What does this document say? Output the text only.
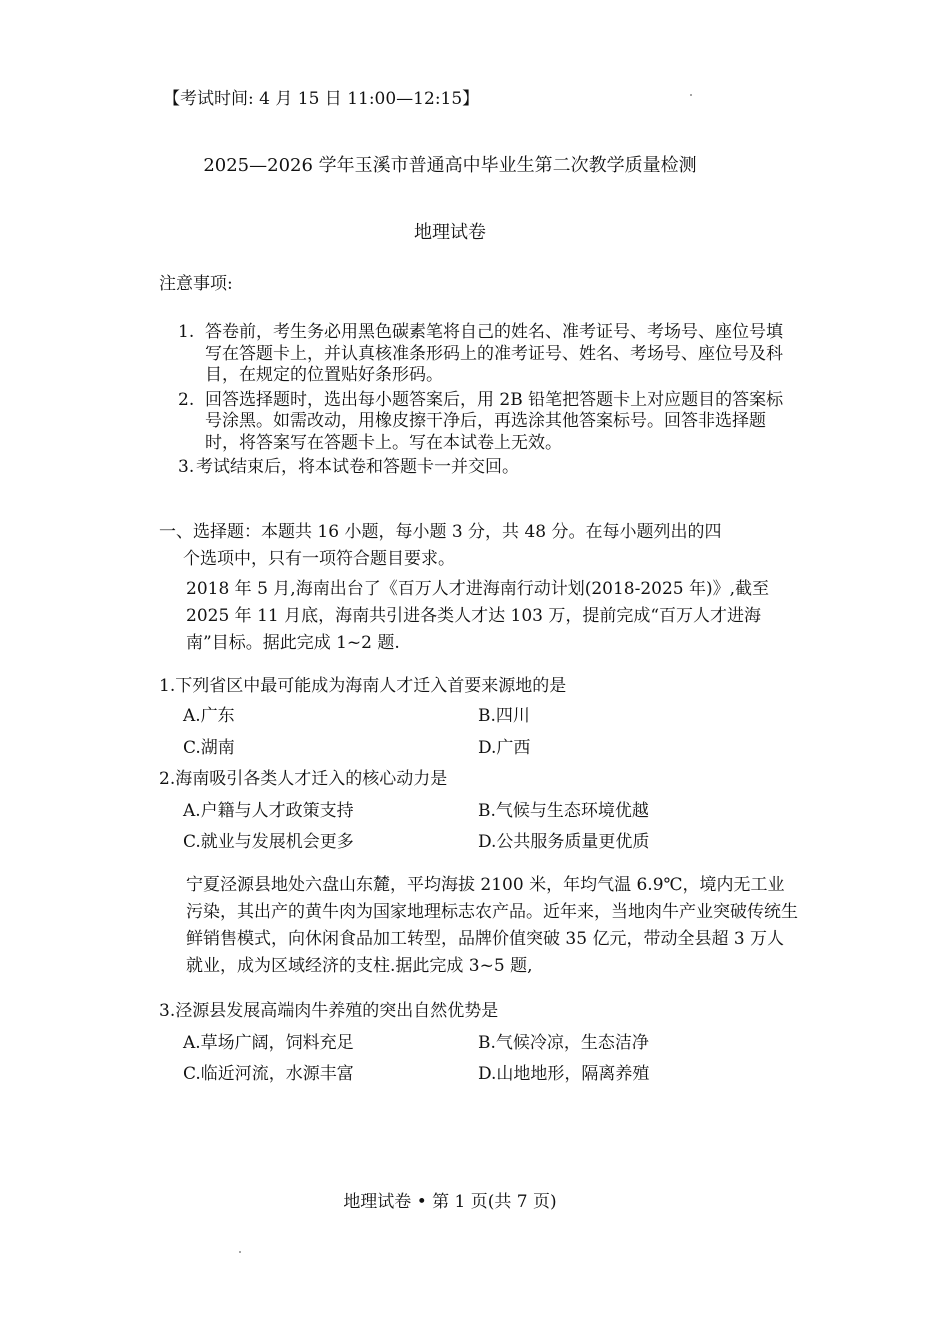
【考试时间: 4 月 15 日 11:00—12:15】
2025—2026 学年玉溪市普通高中毕业生第二次教学质量检测
地理试卷
注意事项:
1. 答卷前，考生务必用黑色碳素笔将自己的姓名、准考证号、考场号、座位号填写在答题卡上，并认真核准条形码上的准考证号、姓名、考场号、座位号及科目，在规定的位置贴好条形码。
2. 回答选择题时，选出每小题答案后，用 2B 铅笔把答题卡上对应题目的答案标号涂黑。如需改动，用橡皮擦干净后，再选涂其他答案标号。回答非选择题时，将答案写在答题卡上。写在本试卷上无效。
3. 考试结束后，将本试卷和答题卡一并交回。
一、选择题：本题共 16 小题，每小题 3 分，共 48 分。在每小题列出的四
个选项中，只有一项符合题目要求。
2018 年 5 月,海南出台了《百万人才进海南行动计划(2018-2025 年)》,截至 2025 年 11 月底，海南共引进各类人才达 103 万，提前完成“百万人才进海南”目标。据此完成 1~2 题.
1.下列省区中最可能成为海南人才迁入首要来源地的是
A.广东	B.四川
C.湖南	D.广西
2.海南吸引各类人才迁入的核心动力是
A.户籍与人才政策支持	B.气候与生态环境优越
C.就业与发展机会更多	D.公共服务质量更优质
宁夏泾源县地处六盘山东麓，平均海拔 2100 米，年均气温 6.9℃，境内无工业污染，其出产的黄牛肉为国家地理标志农产品。近年来，当地肉牛产业突破传统生鲜销售模式，向休闲食品加工转型，品牌价值突破 35 亿元，带动全县超 3 万人就业，成为区域经济的支柱.据此完成 3~5 题,
3.泾源县发展高端肉牛养殖的突出自然优势是
A.草场广阔，饲料充足	B.气候冷凉，生态洁净
C.临近河流，水源丰富	D.山地地形，隔离养殖
地理试卷 • 第 1 页(共 7 页)
